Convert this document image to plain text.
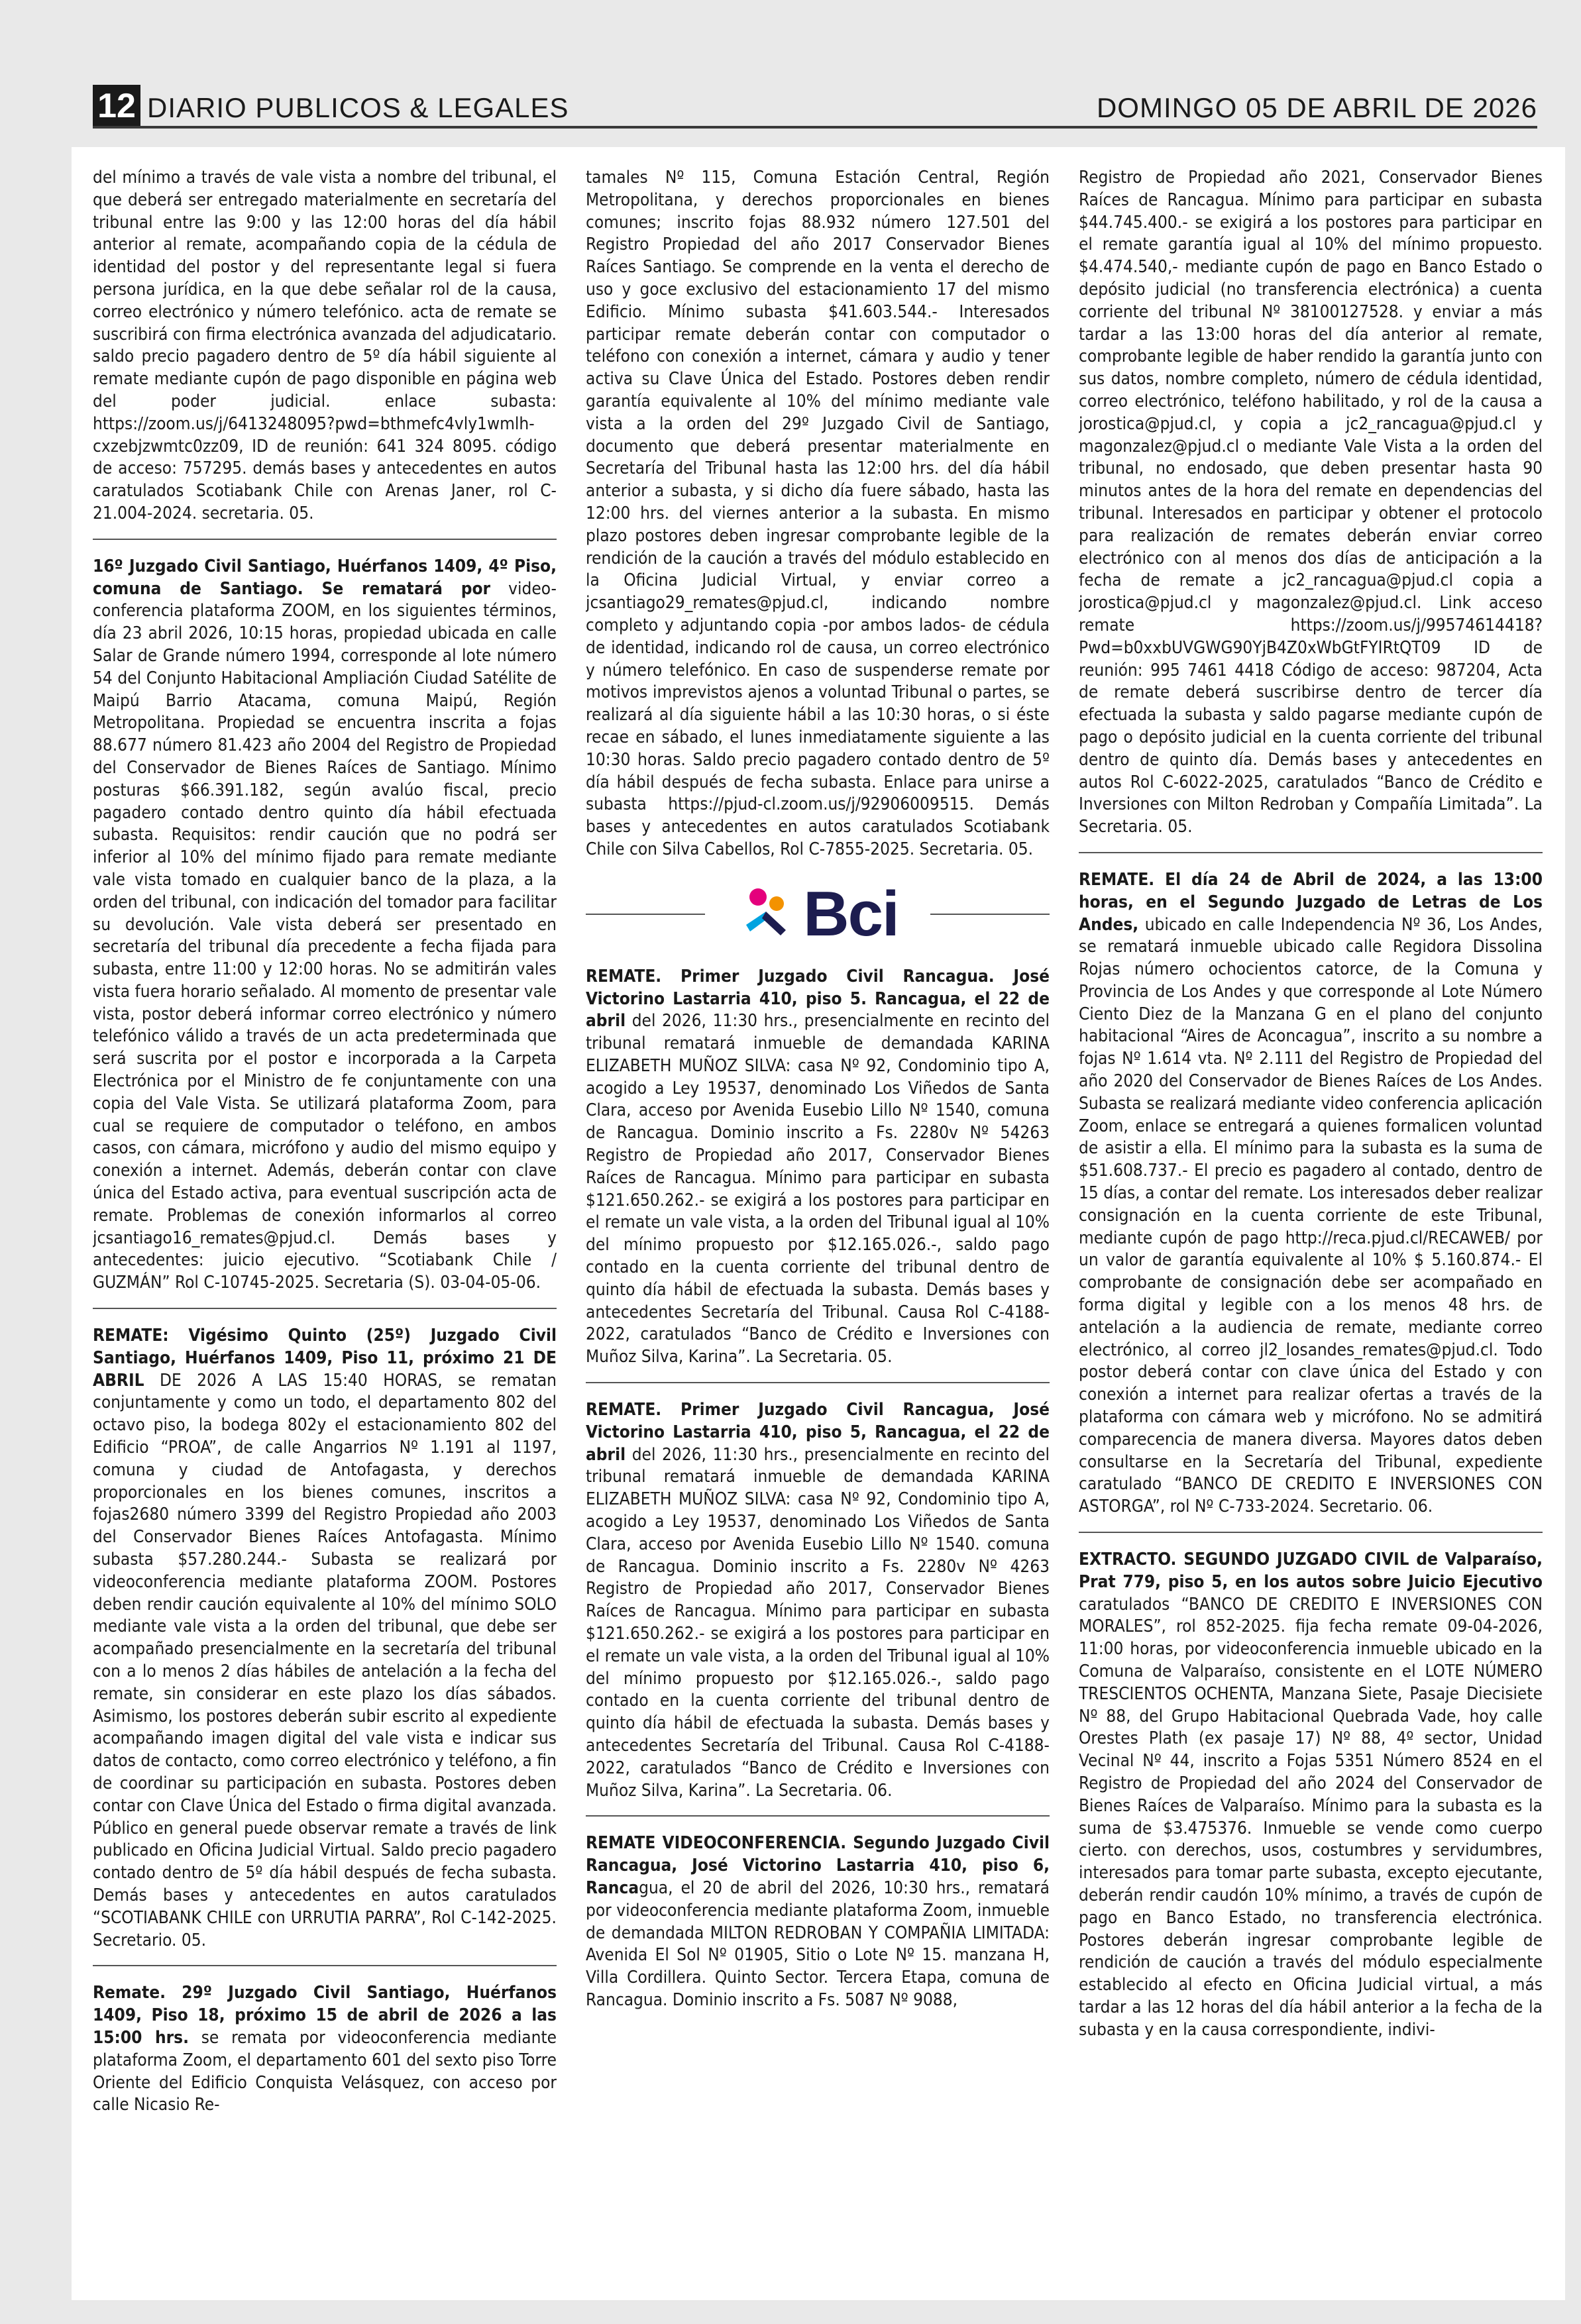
12 DIARIO PUBLICOS & LEGALES	DOMINGO 05 DE ABRIL DE 2026

del mínimo a través de vale vista a nombre del tribunal, el que deberá ser entregado materialmente en secretaría del tribunal entre las 9:00 y las 12:00 horas del día hábil anterior al remate, acompañando copia de la cédula de identidad del postor y del representante legal si fuera persona jurídica, en la que debe señalar rol de la causa, correo electrónico y número telefónico. acta de remate se suscribirá con firma electrónica avanzada del adjudicatario. saldo precio pagadero dentro de 5º día hábil siguiente al remate mediante cupón de pago disponible en página web del poder judicial. enlace subasta: https://zoom.us/j/6413248095?pwd=bthmefc4vly1wmlh-cxzebjzwmtc0zz09, ID de reunión: 641 324 8095. código de acceso: 757295. demás bases y antecedentes en autos caratulados Scotiabank Chile con Arenas Janer, rol C-21.004-2024. secretaria. 05.

16º Juzgado Civil Santiago, Huérfanos 1409, 4º Piso, comuna de Santiago. Se rematará por video-conferencia plataforma ZOOM, en los siguientes términos, día 23 abril 2026, 10:15 horas, propiedad ubicada en calle Salar de Grande número 1994, corresponde al lote número 54 del Conjunto Habitacional Ampliación Ciudad Satélite de Maipú Barrio Atacama, comuna Maipú, Región Metropolitana. Propiedad se encuentra inscrita a fojas 88.677 número 81.423 año 2004 del Registro de Propiedad del Conservador de Bienes Raíces de Santiago. Mínimo posturas $66.391.182, según avalúo fiscal, precio pagadero contado dentro quinto día hábil efectuada subasta. Requisitos: rendir caución que no podrá ser inferior al 10% del mínimo fijado para remate mediante vale vista tomado en cualquier banco de la plaza, a la orden del tribunal, con indicación del tomador para facilitar su devolución. Vale vista deberá ser presentado en secretaría del tribunal día precedente a fecha fijada para subasta, entre 11:00 y 12:00 horas. No se admitirán vales vista fuera horario señalado. Al momento de presentar vale vista, postor deberá informar correo electrónico y número telefónico válido a través de un acta predeterminada que será suscrita por el postor e incorporada a la Carpeta Electrónica por el Ministro de fe conjuntamente con una copia del Vale Vista. Se utilizará plataforma Zoom, para cual se requiere de computador o teléfono, en ambos casos, con cámara, micrófono y audio del mismo equipo y conexión a internet. Además, deberán contar con clave única del Estado activa, para eventual suscripción acta de remate. Problemas de conexión informarlos al correo jcsantiago16_remates@pjud.cl. Demás bases y antecedentes: juicio ejecutivo. “Scotiabank Chile / GUZMÁN” Rol C-10745-2025. Secretaria (S). 03-04-05-06.

REMATE: Vigésimo Quinto (25º) Juzgado Civil Santiago, Huérfanos 1409, Piso 11, próximo 21 DE ABRIL DE 2026 A LAS 15:40 HORAS, se rematan conjuntamente y como un todo, el departamento 802 del octavo piso, la bodega 802y el estacionamiento 802 del Edificio “PROA”, de calle Angarrios Nº 1.191 al 1197, comuna y ciudad de Antofagasta, y derechos proporcionales en los bienes comunes, inscritos a fojas2680 número 3399 del Registro Propiedad año 2003 del Conservador Bienes Raíces Antofagasta. Mínimo subasta $57.280.244.- Subasta se realizará por videoconferencia mediante plataforma ZOOM. Postores deben rendir caución equivalente al 10% del mínimo SOLO mediante vale vista a la orden del tribunal, que debe ser acompañado presencialmente en la secretaría del tribunal con a lo menos 2 días hábiles de antelación a la fecha del remate, sin considerar en este plazo los días sábados. Asimismo, los postores deberán subir escrito al expediente acompañando imagen digital del vale vista e indicar sus datos de contacto, como correo electrónico y teléfono, a fin de coordinar su participación en subasta. Postores deben contar con Clave Única del Estado o firma digital avanzada. Público en general puede observar remate a través de link publicado en Oficina Judicial Virtual. Saldo precio pagadero contado dentro de 5º día hábil después de fecha subasta. Demás bases y antecedentes en autos caratulados “SCOTIABANK CHILE con URRUTIA PARRA”, Rol C-142-2025. Secretario. 05.

Remate. 29º Juzgado Civil Santiago, Huérfanos 1409, Piso 18, próximo 15 de abril de 2026 a las 15:00 hrs. se remata por videoconferencia mediante plataforma Zoom, el departamento 601 del sexto piso Torre Oriente del Edificio Conquista Velásquez, con acceso por calle Nicasio Re-

tamales Nº 115, Comuna Estación Central, Región Metropolitana, y derechos proporcionales en bienes comunes; inscrito fojas 88.932 número 127.501 del Registro Propiedad del año 2017 Conservador Bienes Raíces Santiago. Se comprende en la venta el derecho de uso y goce exclusivo del estacionamiento 17 del mismo Edificio. Mínimo subasta $41.603.544.- Interesados participar remate deberán contar con computador o teléfono con conexión a internet, cámara y audio y tener activa su Clave Única del Estado. Postores deben rendir garantía equivalente al 10% del mínimo mediante vale vista a la orden del 29º Juzgado Civil de Santiago, documento que deberá presentar materialmente en Secretaría del Tribunal hasta las 12:00 hrs. del día hábil anterior a subasta, y si dicho día fuere sábado, hasta las 12:00 hrs. del viernes anterior a la subasta. En mismo plazo postores deben ingresar comprobante legible de la rendición de la caución a través del módulo establecido en la Oficina Judicial Virtual, y enviar correo a jcsantiago29_remates@pjud.cl, indicando nombre completo y adjuntando copia -por ambos lados- de cédula de identidad, indicando rol de causa, un correo electrónico y número telefónico. En caso de suspenderse remate por motivos imprevistos ajenos a voluntad Tribunal o partes, se realizará al día siguiente hábil a las 10:30 horas, o si éste recae en sábado, el lunes inmediatamente siguiente a las 10:30 horas. Saldo precio pagadero contado dentro de 5º día hábil después de fecha subasta. Enlace para unirse a subasta https://pjud-cl.zoom.us/j/92906009515. Demás bases y antecedentes en autos caratulados Scotiabank Chile con Silva Cabellos, Rol C-7855-2025. Secretaria. 05.

Bci

REMATE. Primer Juzgado Civil Rancagua. José Victorino Lastarria 410, piso 5. Rancagua, el 22 de abril del 2026, 11:30 hrs., presencialmente en recinto del tribunal rematará inmueble de demandada KARINA ELIZABETH MUÑOZ SILVA: casa Nº 92, Condominio tipo A, acogido a Ley 19537, denominado Los Viñedos de Santa Clara, acceso por Avenida Eusebio Lillo Nº 1540, comuna de Rancagua. Dominio inscrito a Fs. 2280v Nº 54263 Registro de Propiedad año 2017, Conservador Bienes Raíces de Rancagua. Mínimo para participar en subasta $121.650.262.- se exigirá a los postores para participar en el remate un vale vista, a la orden del Tribunal igual al 10% del mínimo propuesto por $12.165.026.-, saldo pago contado en la cuenta corriente del tribunal dentro de quinto día hábil de efectuada la subasta. Demás bases y antecedentes Secretaría del Tribunal. Causa Rol C-4188-2022, caratulados “Banco de Crédito e Inversiones con Muñoz Silva, Karina”. La Secretaria. 05.

REMATE. Primer Juzgado Civil Rancagua, José Victorino Lastarria 410, piso 5, Rancagua, el 22 de abril del 2026, 11:30 hrs., presencialmente en recinto del tribunal rematará inmueble de demandada KARINA ELIZABETH MUÑOZ SILVA: casa Nº 92, Condominio tipo A, acogido a Ley 19537, denominado Los Viñedos de Santa Clara, acceso por Avenida Eusebio Lillo Nº 1540. comuna de Rancagua. Dominio inscrito a Fs. 2280v Nº 4263 Registro de Propiedad año 2017, Conservador Bienes Raíces de Rancagua. Mínimo para participar en subasta $121.650.262.- se exigirá a los postores para participar en el remate un vale vista, a la orden del Tribunal igual al 10% del mínimo propuesto por $12.165.026.-, saldo pago contado en la cuenta corriente del tribunal dentro de quinto día hábil de efectuada la subasta. Demás bases y antecedentes Secretaría del Tribunal. Causa Rol C-4188-2022, caratulados “Banco de Crédito e Inversiones con Muñoz Silva, Karina”. La Secretaria. 06.

REMATE VIDEOCONFERENCIA. Segundo Juzgado Civil Rancagua, José Victorino Lastarria 410, piso 6, Rancagua, el 20 de abril del 2026, 10:30 hrs., rematará por videoconferencia mediante plataforma Zoom, inmueble de demandada MILTON REDROBAN Y COMPAÑIA LIMITADA: Avenida El Sol Nº 01905, Sitio o Lote Nº 15. manzana H, Villa Cordillera. Quinto Sector. Tercera Etapa, comuna de Rancagua. Dominio inscrito a Fs. 5087 Nº 9088,

Registro de Propiedad año 2021, Conservador Bienes Raíces de Rancagua. Mínimo para participar en subasta $44.745.400.- se exigirá a los postores para participar en el remate garantía igual al 10% del mínimo propuesto. $4.474.540,- mediante cupón de pago en Banco Estado o depósito judicial (no transferencia electrónica) a cuenta corriente del tribunal Nº 38100127528. y enviar a más tardar a las 13:00 horas del día anterior al remate, comprobante legible de haber rendido la garantía junto con sus datos, nombre completo, número de cédula identidad, correo electrónico, teléfono habilitado, y rol de la causa a jorostica@pjud.cl, y copia a jc2_rancagua@pjud.cl y magonzalez@pjud.cl o mediante Vale Vista a la orden del tribunal, no endosado, que deben presentar hasta 90 minutos antes de la hora del remate en dependencias del tribunal. Interesados en participar y obtener el protocolo para realización de remates deberán enviar correo electrónico con al menos dos días de anticipación a la fecha de remate a jc2_rancagua@pjud.cl copia a jorostica@pjud.cl y magonzalez@pjud.cl. Link acceso remate https://zoom.us/j/99574614418?Pwd=b0xxbUVGWG90YjB4Z0xWbGtFYIRtQT09 ID de reunión: 995 7461 4418 Código de acceso: 987204, Acta de remate deberá suscribirse dentro de tercer día efectuada la subasta y saldo pagarse mediante cupón de pago o depósito judicial en la cuenta corriente del tribunal dentro de quinto día. Demás bases y antecedentes en autos Rol C-6022-2025, caratulados “Banco de Crédito e Inversiones con Milton Redroban y Compañía Limitada”. La Secretaria. 05.

REMATE. El día 24 de Abril de 2024, a las 13:00 horas, en el Segundo Juzgado de Letras de Los Andes, ubicado en calle Independencia Nº 36, Los Andes, se rematará inmueble ubicado calle Regidora Dissolina Rojas número ochocientos catorce, de la Comuna y Provincia de Los Andes y que corresponde al Lote Número Ciento Diez de la Manzana G en el plano del conjunto habitacional “Aires de Aconcagua”, inscrito a su nombre a fojas Nº 1.614 vta. Nº 2.111 del Registro de Propiedad del año 2020 del Conservador de Bienes Raíces de Los Andes. Subasta se realizará mediante video conferencia aplicación Zoom, enlace se entregará a quienes formalicen voluntad de asistir a ella. El mínimo para la subasta es la suma de $51.608.737.- El precio es pagadero al contado, dentro de 15 días, a contar del remate. Los interesados deber realizar consignación en la cuenta corriente de este Tribunal, mediante cupón de pago http://reca.pjud.cl/RECAWEB/ por un valor de garantía equivalente al 10% $ 5.160.874.- El comprobante de consignación debe ser acompañado en forma digital y legible con a los menos 48 hrs. de antelación a la audiencia de remate, mediante correo electrónico, al correo jl2_losandes_remates@pjud.cl. Todo postor deberá contar con clave única del Estado y con conexión a internet para realizar ofertas a través de la plataforma con cámara web y micrófono. No se admitirá comparecencia de manera diversa. Mayores datos deben consultarse en la Secretaría del Tribunal, expediente caratulado “BANCO DE CREDITO E INVERSIONES CON ASTORGA”, rol Nº C-733-2024. Secretario. 06.

EXTRACTO. SEGUNDO JUZGADO CIVIL de Valparaíso, Prat 779, piso 5, en los autos sobre Juicio Ejecutivo caratulados “BANCO DE CREDITO E INVERSIONES CON MORALES”, rol 852-2025. fija fecha remate 09-04-2026, 11:00 horas, por videoconferencia inmueble ubicado en la Comuna de Valparaíso, consistente en el LOTE NÚMERO TRESCIENTOS OCHENTA, Manzana Siete, Pasaje Diecisiete Nº 88, del Grupo Habitacional Quebrada Vade, hoy calle Orestes Plath (ex pasaje 17) Nº 88, 4º sector, Unidad Vecinal Nº 44, inscrito a Fojas 5351 Número 8524 en el Registro de Propiedad del año 2024 del Conservador de Bienes Raíces de Valparaíso. Mínimo para la subasta es la suma de $3.475376. Inmueble se vende como cuerpo cierto. con derechos, usos, costumbres y servidumbres, interesados para tomar parte subasta, excepto ejecutante, deberán rendir caudón 10% mínimo, a través de cupón de pago en Banco Estado, no transferencia electrónica. Postores deberán ingresar comprobante legible de rendición de caución a través del módulo especialmente establecido al efecto en Oficina Judicial virtual, a más tardar a las 12 horas del día hábil anterior a la fecha de la subasta y en la causa correspondiente, indivi-
